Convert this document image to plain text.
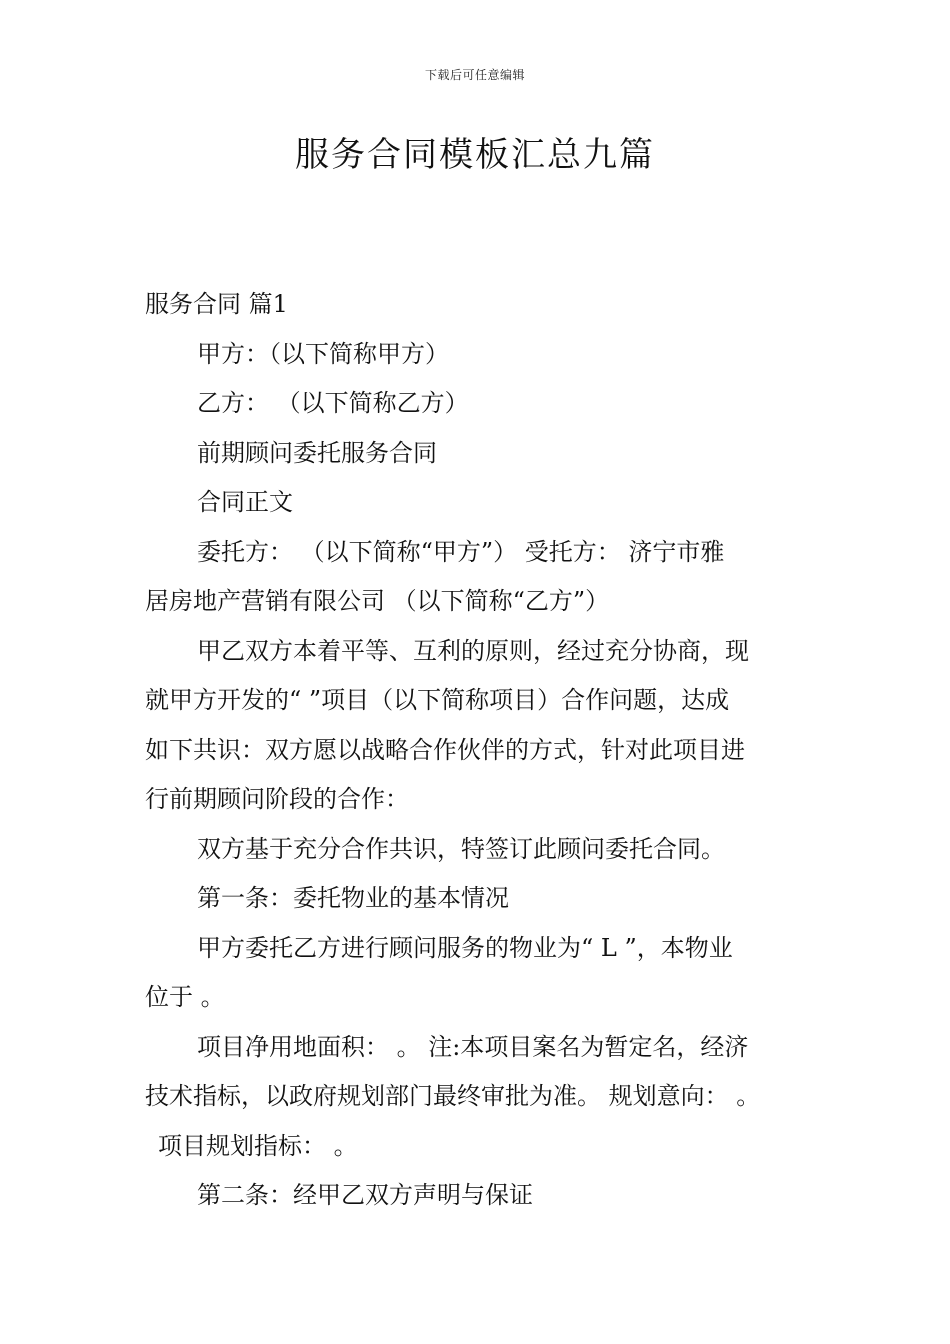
下载后可任意编辑
服务合同模板汇总九篇
服务合同 篇1
甲方：（以下简称甲方）
乙方： （以下简称乙方）
前期顾问委托服务合同
合同正文
委托方： （以下简称“甲方”） 受托方： 济宁市雅
居房地产营销有限公司 （以下简称“乙方”）
甲乙双方本着平等、互利的原则，经过充分协商，现
就甲方开发的“ ”项目（以下简称项目）合作问题，达成
如下共识：双方愿以战略合作伙伴的方式，针对此项目进
行前期顾问阶段的合作：
双方基于充分合作共识，特签订此顾问委托合同。
第一条：委托物业的基本情况
甲方委托乙方进行顾问服务的物业为“ L ”，本物业
位于 。
项目净用地面积： 。 注:本项目案名为暂定名，经济
技术指标，以政府规划部门最终审批为准。 规划意向： 。
项目规划指标： 。
第二条：经甲乙双方声明与保证
